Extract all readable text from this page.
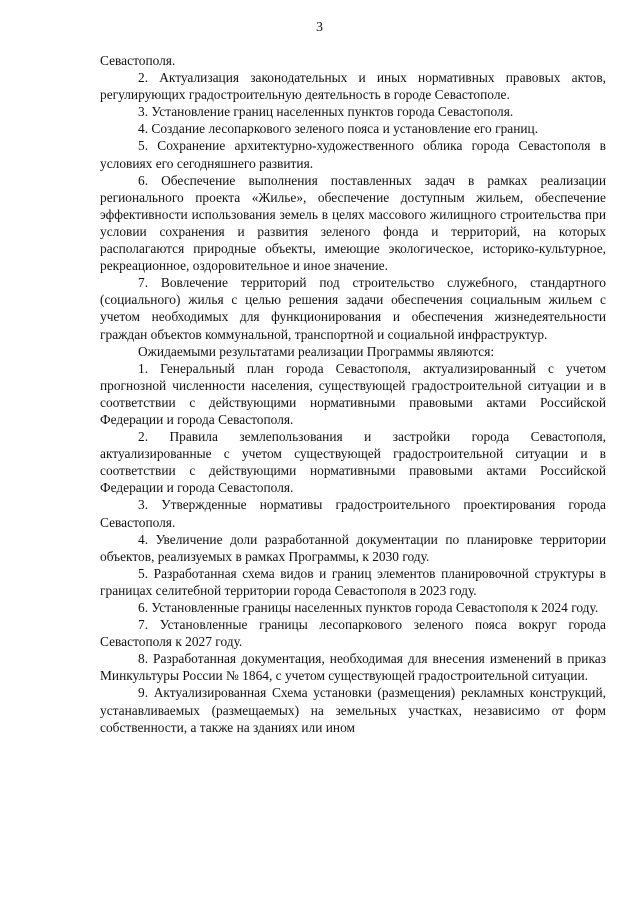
3

Севастополя.

2. Актуализация законодательных и иных нормативных правовых актов, регулирующих градостроительную деятельность в городе Севастополе.

3. Установление границ населенных пунктов города Севастополя.

4. Создание лесопаркового зеленого пояса и установление его границ.

5. Сохранение архитектурно-художественного облика города Севастополя в условиях его сегодняшнего развития.

6. Обеспечение выполнения поставленных задач в рамках реализации регионального проекта «Жилье», обеспечение доступным жильем, обеспечение эффективности использования земель в целях массового жилищного строительства при условии сохранения и развития зеленого фонда и территорий, на которых располагаются природные объекты, имеющие экологическое, историко-культурное, рекреационное, оздоровительное и иное значение.

7. Вовлечение территорий под строительство служебного, стандартного (социального) жилья с целью решения задачи обеспечения социальным жильем с учетом необходимых для функционирования и обеспечения жизнедеятельности граждан объектов коммунальной, транспортной и социальной инфраструктур.

Ожидаемыми результатами реализации Программы являются:

1. Генеральный план города Севастополя, актуализированный с учетом прогнозной численности населения, существующей градостроительной ситуации и в соответствии с действующими нормативными правовыми актами Российской Федерации и города Севастополя.

2. Правила землепользования и застройки города Севастополя, актуализированные с учетом существующей градостроительной ситуации и в соответствии с действующими нормативными правовыми актами Российской Федерации и города Севастополя.

3. Утвержденные нормативы градостроительного проектирования города Севастополя.

4. Увеличение доли разработанной документации по планировке территории объектов, реализуемых в рамках Программы, к 2030 году.

5. Разработанная схема видов и границ элементов планировочной структуры в границах селитебной территории города Севастополя в 2023 году.

6. Установленные границы населенных пунктов города Севастополя к 2024 году.

7. Установленные границы лесопаркового зеленого пояса вокруг города Севастополя к 2027 году.

8. Разработанная документация, необходимая для внесения изменений в приказ Минкультуры России № 1864, с учетом существующей градостроительной ситуации.

9. Актуализированная Схема установки (размещения) рекламных конструкций, устанавливаемых (размещаемых) на земельных участках, независимо от форм собственности, а также на зданиях или ином
